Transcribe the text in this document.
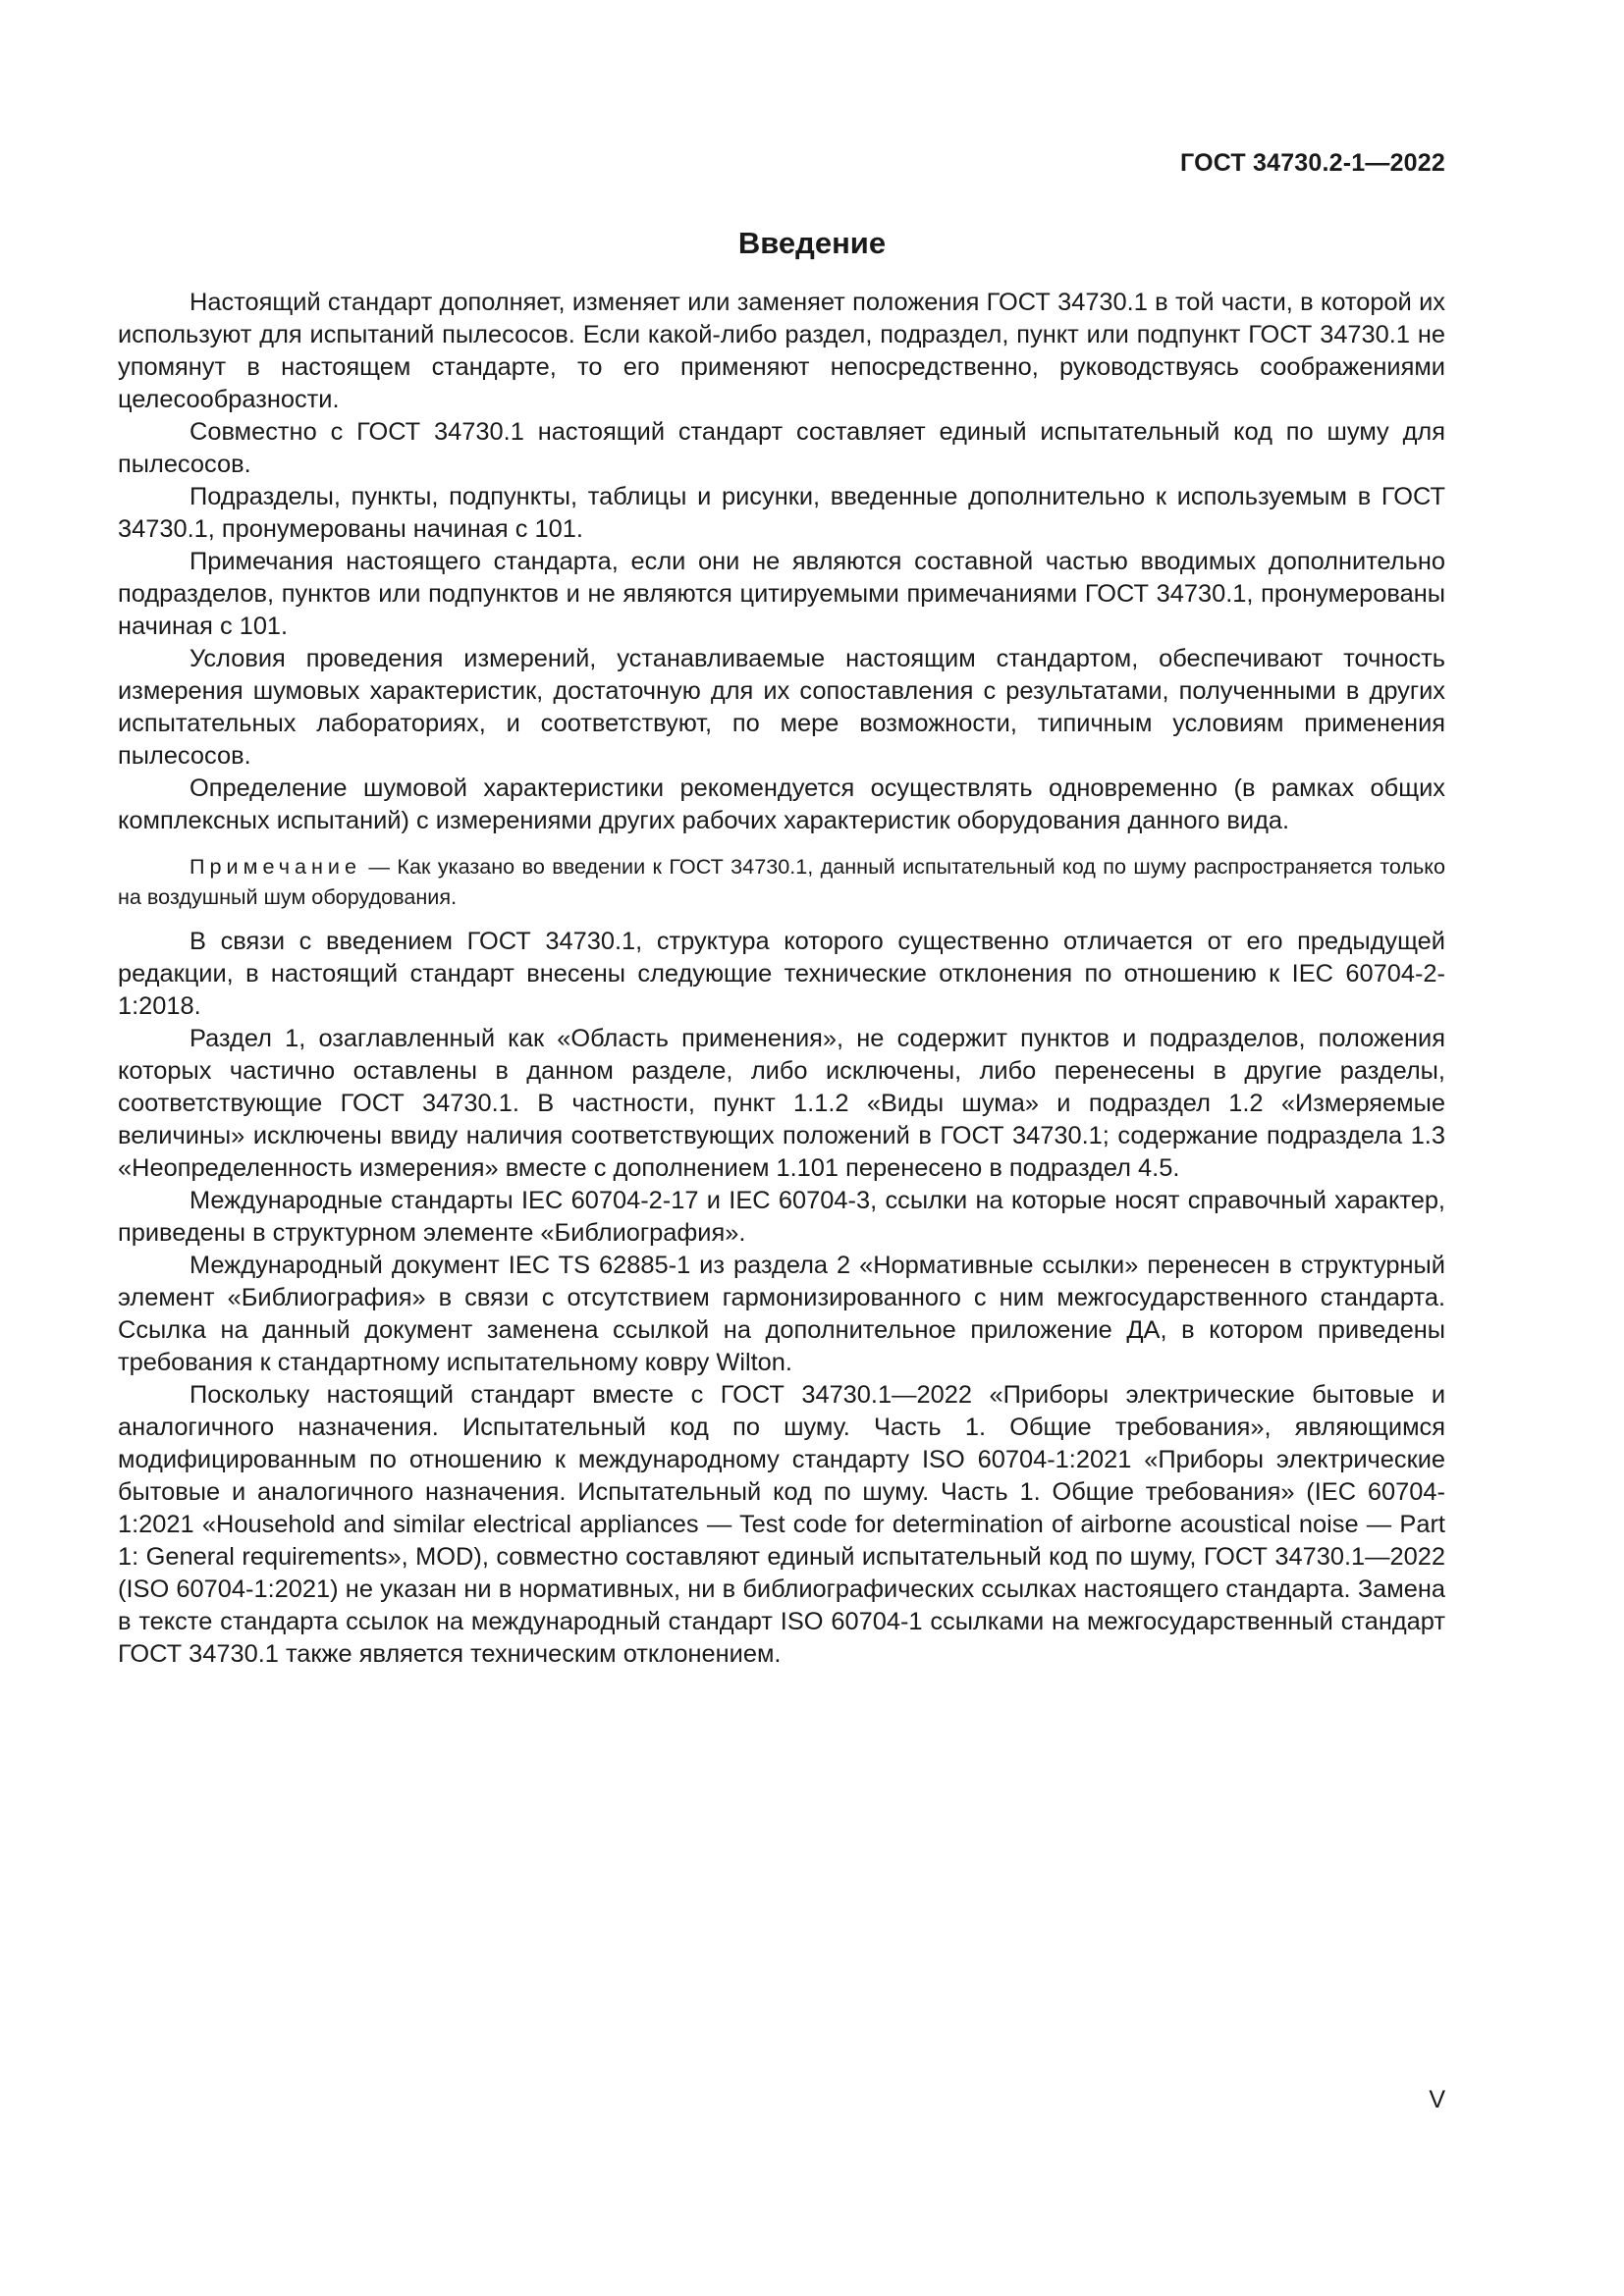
ГОСТ 34730.2-1—2022
Введение

Настоящий стандарт дополняет, изменяет или заменяет положения ГОСТ 34730.1 в той части, в которой их используют для испытаний пылесосов. Если какой-либо раздел, подраздел, пункт или подпункт ГОСТ 34730.1 не упомянут в настоящем стандарте, то его применяют непосредственно, руководствуясь соображениями целесообразности.

Совместно с ГОСТ 34730.1 настоящий стандарт составляет единый испытательный код по шуму для пылесосов.

Подразделы, пункты, подпункты, таблицы и рисунки, введенные дополнительно к используемым в ГОСТ 34730.1, пронумерованы начиная с 101.

Примечания настоящего стандарта, если они не являются составной частью вводимых дополнительно подразделов, пунктов или подпунктов и не являются цитируемыми примечаниями ГОСТ 34730.1, пронумерованы начиная с 101.

Условия проведения измерений, устанавливаемые настоящим стандартом, обеспечивают точность измерения шумовых характеристик, достаточную для их сопоставления с результатами, полученными в других испытательных лабораториях, и соответствуют, по мере возможности, типичным условиям применения пылесосов.

Определение шумовой характеристики рекомендуется осуществлять одновременно (в рамках общих комплексных испытаний) с измерениями других рабочих характеристик оборудования данного вида.

Примечание — Как указано во введении к ГОСТ 34730.1, данный испытательный код по шуму распространяется только на воздушный шум оборудования.

В связи с введением ГОСТ 34730.1, структура которого существенно отличается от его предыдущей редакции, в настоящий стандарт внесены следующие технические отклонения по отношению к IEC 60704-2-1:2018.

Раздел 1, озаглавленный как «Область применения», не содержит пунктов и подразделов, положения которых частично оставлены в данном разделе, либо исключены, либо перенесены в другие разделы, соответствующие ГОСТ 34730.1. В частности, пункт 1.1.2 «Виды шума» и подраздел 1.2 «Измеряемые величины» исключены ввиду наличия соответствующих положений в ГОСТ 34730.1; содержание подраздела 1.3 «Неопределенность измерения» вместе с дополнением 1.101 перенесено в подраздел 4.5.

Международные стандарты IEC 60704-2-17 и IEC 60704-3, ссылки на которые носят справочный характер, приведены в структурном элементе «Библиография».

Международный документ IEC TS 62885-1 из раздела 2 «Нормативные ссылки» перенесен в структурный элемент «Библиография» в связи с отсутствием гармонизированного с ним межгосударственного стандарта. Ссылка на данный документ заменена ссылкой на дополнительное приложение ДА, в котором приведены требования к стандартному испытательному ковру Wilton.

Поскольку настоящий стандарт вместе с ГОСТ 34730.1—2022 «Приборы электрические бытовые и аналогичного назначения. Испытательный код по шуму. Часть 1. Общие требования», являющимся модифицированным по отношению к международному стандарту ISO 60704-1:2021 «Приборы электрические бытовые и аналогичного назначения. Испытательный код по шуму. Часть 1. Общие требования» (IEC 60704-1:2021 «Household and similar electrical appliances — Test code for determination of airborne acoustical noise — Part 1: General requirements», MOD), совместно составляют единый испытательный код по шуму, ГОСТ 34730.1—2022 (ISO 60704-1:2021) не указан ни в нормативных, ни в библиографических ссылках настоящего стандарта. Замена в тексте стандарта ссылок на международный стандарт ISO 60704-1 ссылками на межгосударственный стандарт ГОСТ 34730.1 также является техническим отклонением.

V
